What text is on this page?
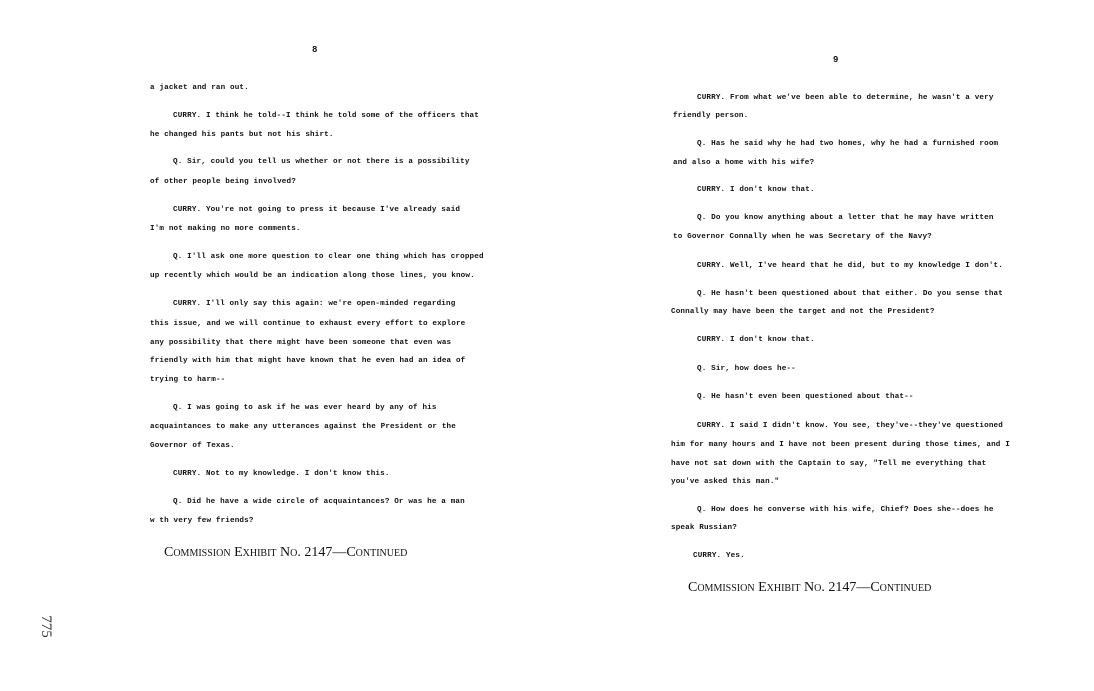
8
a jacket and ran out.
CURRY. I think he told--I think he told some of the officers that
he changed his pants but not his shirt.
Q. Sir, could you tell us whether or not there is a possibility
of other people being involved?
CURRY. You're not going to press it because I've already said
I'm not making no more comments.
Q. I'll ask one more question to clear one thing which has cropped
up recently which would be an indication along those lines, you know.
CURRY. I'll only say this again: we're open-minded regarding
this issue, and we will continue to exhaust every effort to explore
any possibility that there might have been someone that even was
friendly with him that might have known that he even had an idea of
trying to harm--
Q. I was going to ask if he was ever heard by any of his
acquaintances to make any utterances against the President or the
Governor of Texas.
CURRY. Not to my knowledge. I don't know this.
Q. Did he have a wide circle of acquaintances? Or was he a man
w th very few friends?
Commission Exhibit No. 2147—Continued
9
CURRY. From what we've been able to determine, he wasn't a very
friendly person.
Q. Has he said why he had two homes, why he had a furnished room
and also a home with his wife?
CURRY. I don't know that.
Q. Do you know anything about a letter that he may have written
to Governor Connally when he was Secretary of the Navy?
CURRY. Well, I've heard that he did, but to my knowledge I don't.
Q. He hasn't been questioned about that either. Do you sense that
Connally may have been the target and not the President?
CURRY. I don't know that.
Q. Sir, how does he--
Q. He hasn't even been questioned about that--
CURRY. I said I didn't know. You see, they've--they've questioned
him for many hours and I have not been present during those times, and I
have not sat down with the Captain to say, "Tell me everything that
you've asked this man."
Q. How does he converse with his wife, Chief? Does she--does he
speak Russian?
CURRY. Yes.
Commission Exhibit No. 2147—Continued
775
